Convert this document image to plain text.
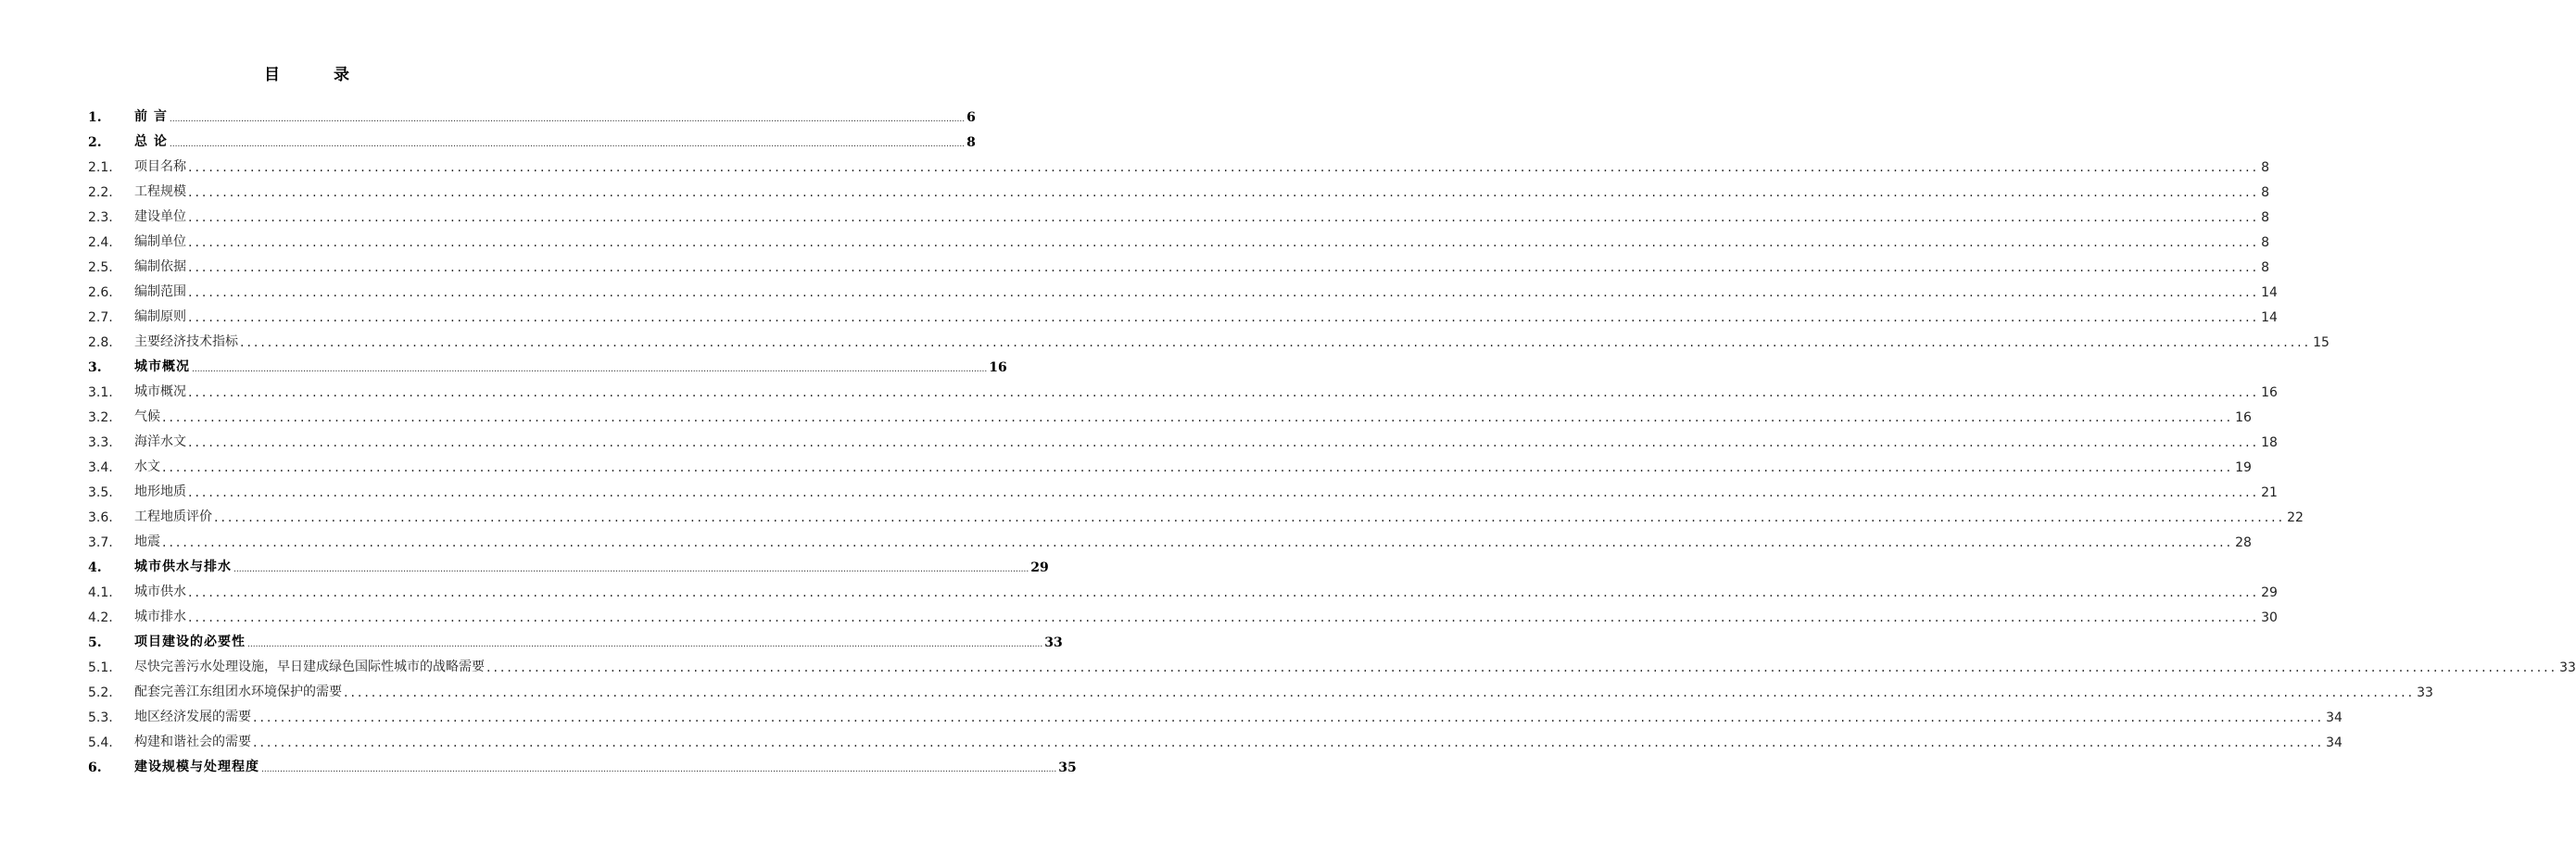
目 录
1.	前 言 ............................................................................................................................................................................................................................................................................................................ 6
2.	总 论 ............................................................................................................................................................................................................................................................................................................ 8
2.1.	项目名称 ............................................................................................................................................................................................................................................................................................................ 8
2.2.	工程规模 ............................................................................................................................................................................................................................................................................................................ 8
2.3.	建设单位 ............................................................................................................................................................................................................................................................................................................ 8
2.4.	编制单位 ............................................................................................................................................................................................................................................................................................................ 8
2.5.	编制依据 ............................................................................................................................................................................................................................................................................................................ 8
2.6.	编制范围 ............................................................................................................................................................................................................................................................................................................ 14
2.7.	编制原则 ............................................................................................................................................................................................................................................................................................................ 14
2.8.	主要经济技术指标 ............................................................................................................................................................................................................................................................................................................ 15
3.	城市概况 ............................................................................................................................................................................................................................................................................................................ 16
3.1.	城市概况 ............................................................................................................................................................................................................................................................................................................ 16
3.2.	气候 ............................................................................................................................................................................................................................................................................................................ 16
3.3.	海洋水文 ............................................................................................................................................................................................................................................................................................................ 18
3.4.	水文 ............................................................................................................................................................................................................................................................................................................ 19
3.5.	地形地质 ............................................................................................................................................................................................................................................................................................................ 21
3.6.	工程地质评价 ............................................................................................................................................................................................................................................................................................................ 22
3.7.	地震 ............................................................................................................................................................................................................................................................................................................ 28
4.	城市供水与排水 ............................................................................................................................................................................................................................................................................................................ 29
4.1.	城市供水 ............................................................................................................................................................................................................................................................................................................ 29
4.2.	城市排水 ............................................................................................................................................................................................................................................................................................................ 30
5.	项目建设的必要性 ............................................................................................................................................................................................................................................................................................................ 33
5.1.	尽快完善污水处理设施，早日建成绿色国际性城市的战略需要 ............................................................................................................................................................................................................................................................................................................ 33
5.2.	配套完善江东组团水环境保护的需要 ............................................................................................................................................................................................................................................................................................................ 33
5.3.	地区经济发展的需要 ............................................................................................................................................................................................................................................................................................................ 34
5.4.	构建和谐社会的需要 ............................................................................................................................................................................................................................................................................................................ 34
6.	建设规模与处理程度 ............................................................................................................................................................................................................................................................................................................ 35
